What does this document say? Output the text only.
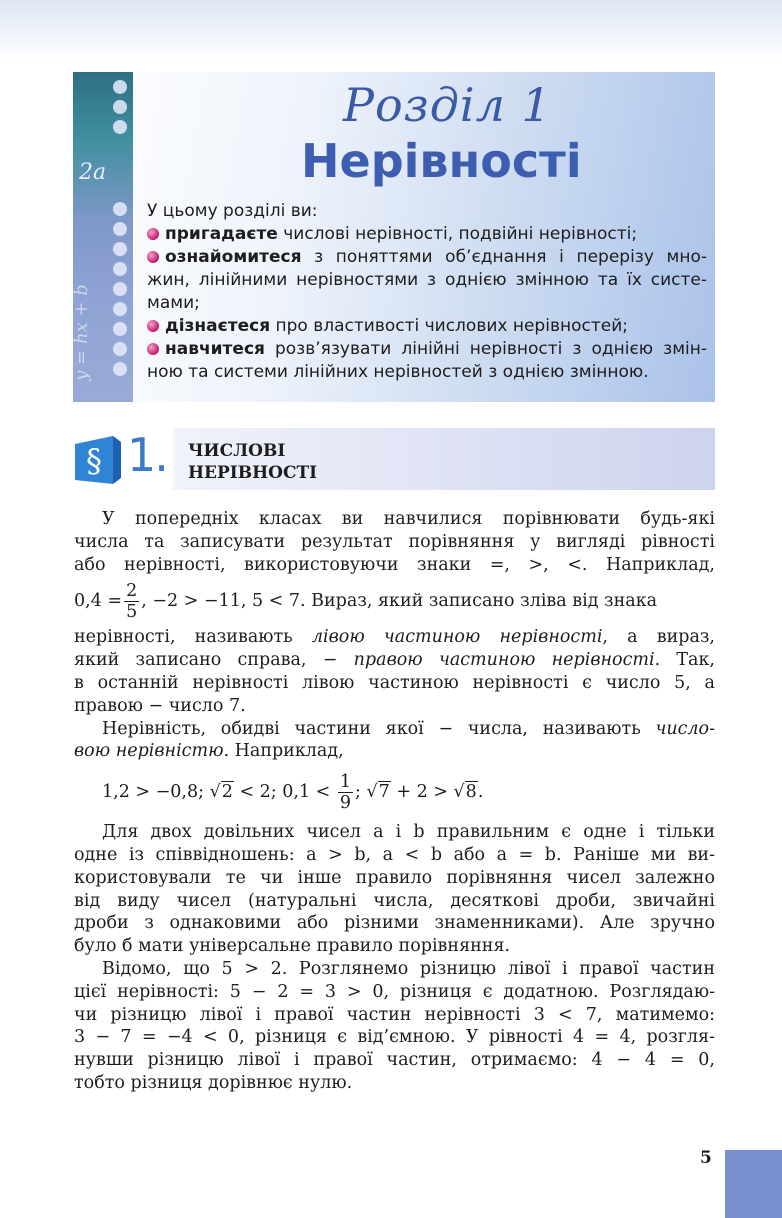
2a
y = hx + b
Розділ 1
Нерівності
У цьому розділі ви:
пригадаєте числові нерівності, подвійні нерівності;
ознайомитеся з поняттями об’єднання і перерізу мно-
жин, лінійними нерівностями з однією змінною та їх систе-
мами;
дізнаєтеся про властивості числових нерівностей;
навчитеся розв’язувати лінійні нерівності з однією змін-
ною та системи лінійних нерівностей з однією змінною.
§ 1. ЧИСЛОВІ
НЕРІВНОСТІ
У попередніх класах ви навчилися порівнювати будь-які
числа та записувати результат порівняння у вигляді рівності
або нерівності, використовуючи знаки =, >, <. Наприклад,
$0,4 = \frac{2}{5}$ , −2 > −11, 5 < 7. Вираз, який записано зліва від знака
нерівності, називають лівою частиною нерівності, а вираз,
який записано справа, − правою частиною нерівності. Так,
в останній нерівності лівою частиною нерівності є число 5, а
правою − число 7.
Нерівність, обидві частини якої − числа, називають число-
вою нерівністю. Наприклад,
1,2 > −0,8; √2 < 2; $0,1 < \frac{1}{9}$ ; √7 + 2 > √8.
Для двох довільних чисел a і b правильним є одне і тільки
одне із співвідношень: a > b, a < b або a = b. Раніше ми ви-
користовували те чи інше правило порівняння чисел залежно
від виду чисел (натуральні числа, десяткові дроби, звичайні
дроби з однаковими або різними знаменниками). Але зручно
було б мати універсальне правило порівняння.
Відомо, що 5 > 2. Розглянемо різницю лівої і правої частин
цієї нерівності: 5 − 2 = 3 > 0, різниця є додатною. Розглядаю-
чи різницю лівої і правої частин нерівності 3 < 7, матимемо:
3 − 7 = −4 < 0, різниця є від’ємною. У рівності 4 = 4, розгля-
нувши різницю лівої і правої частин, отримаємо: 4 − 4 = 0,
тобто різниця дорівнює нулю.
5
